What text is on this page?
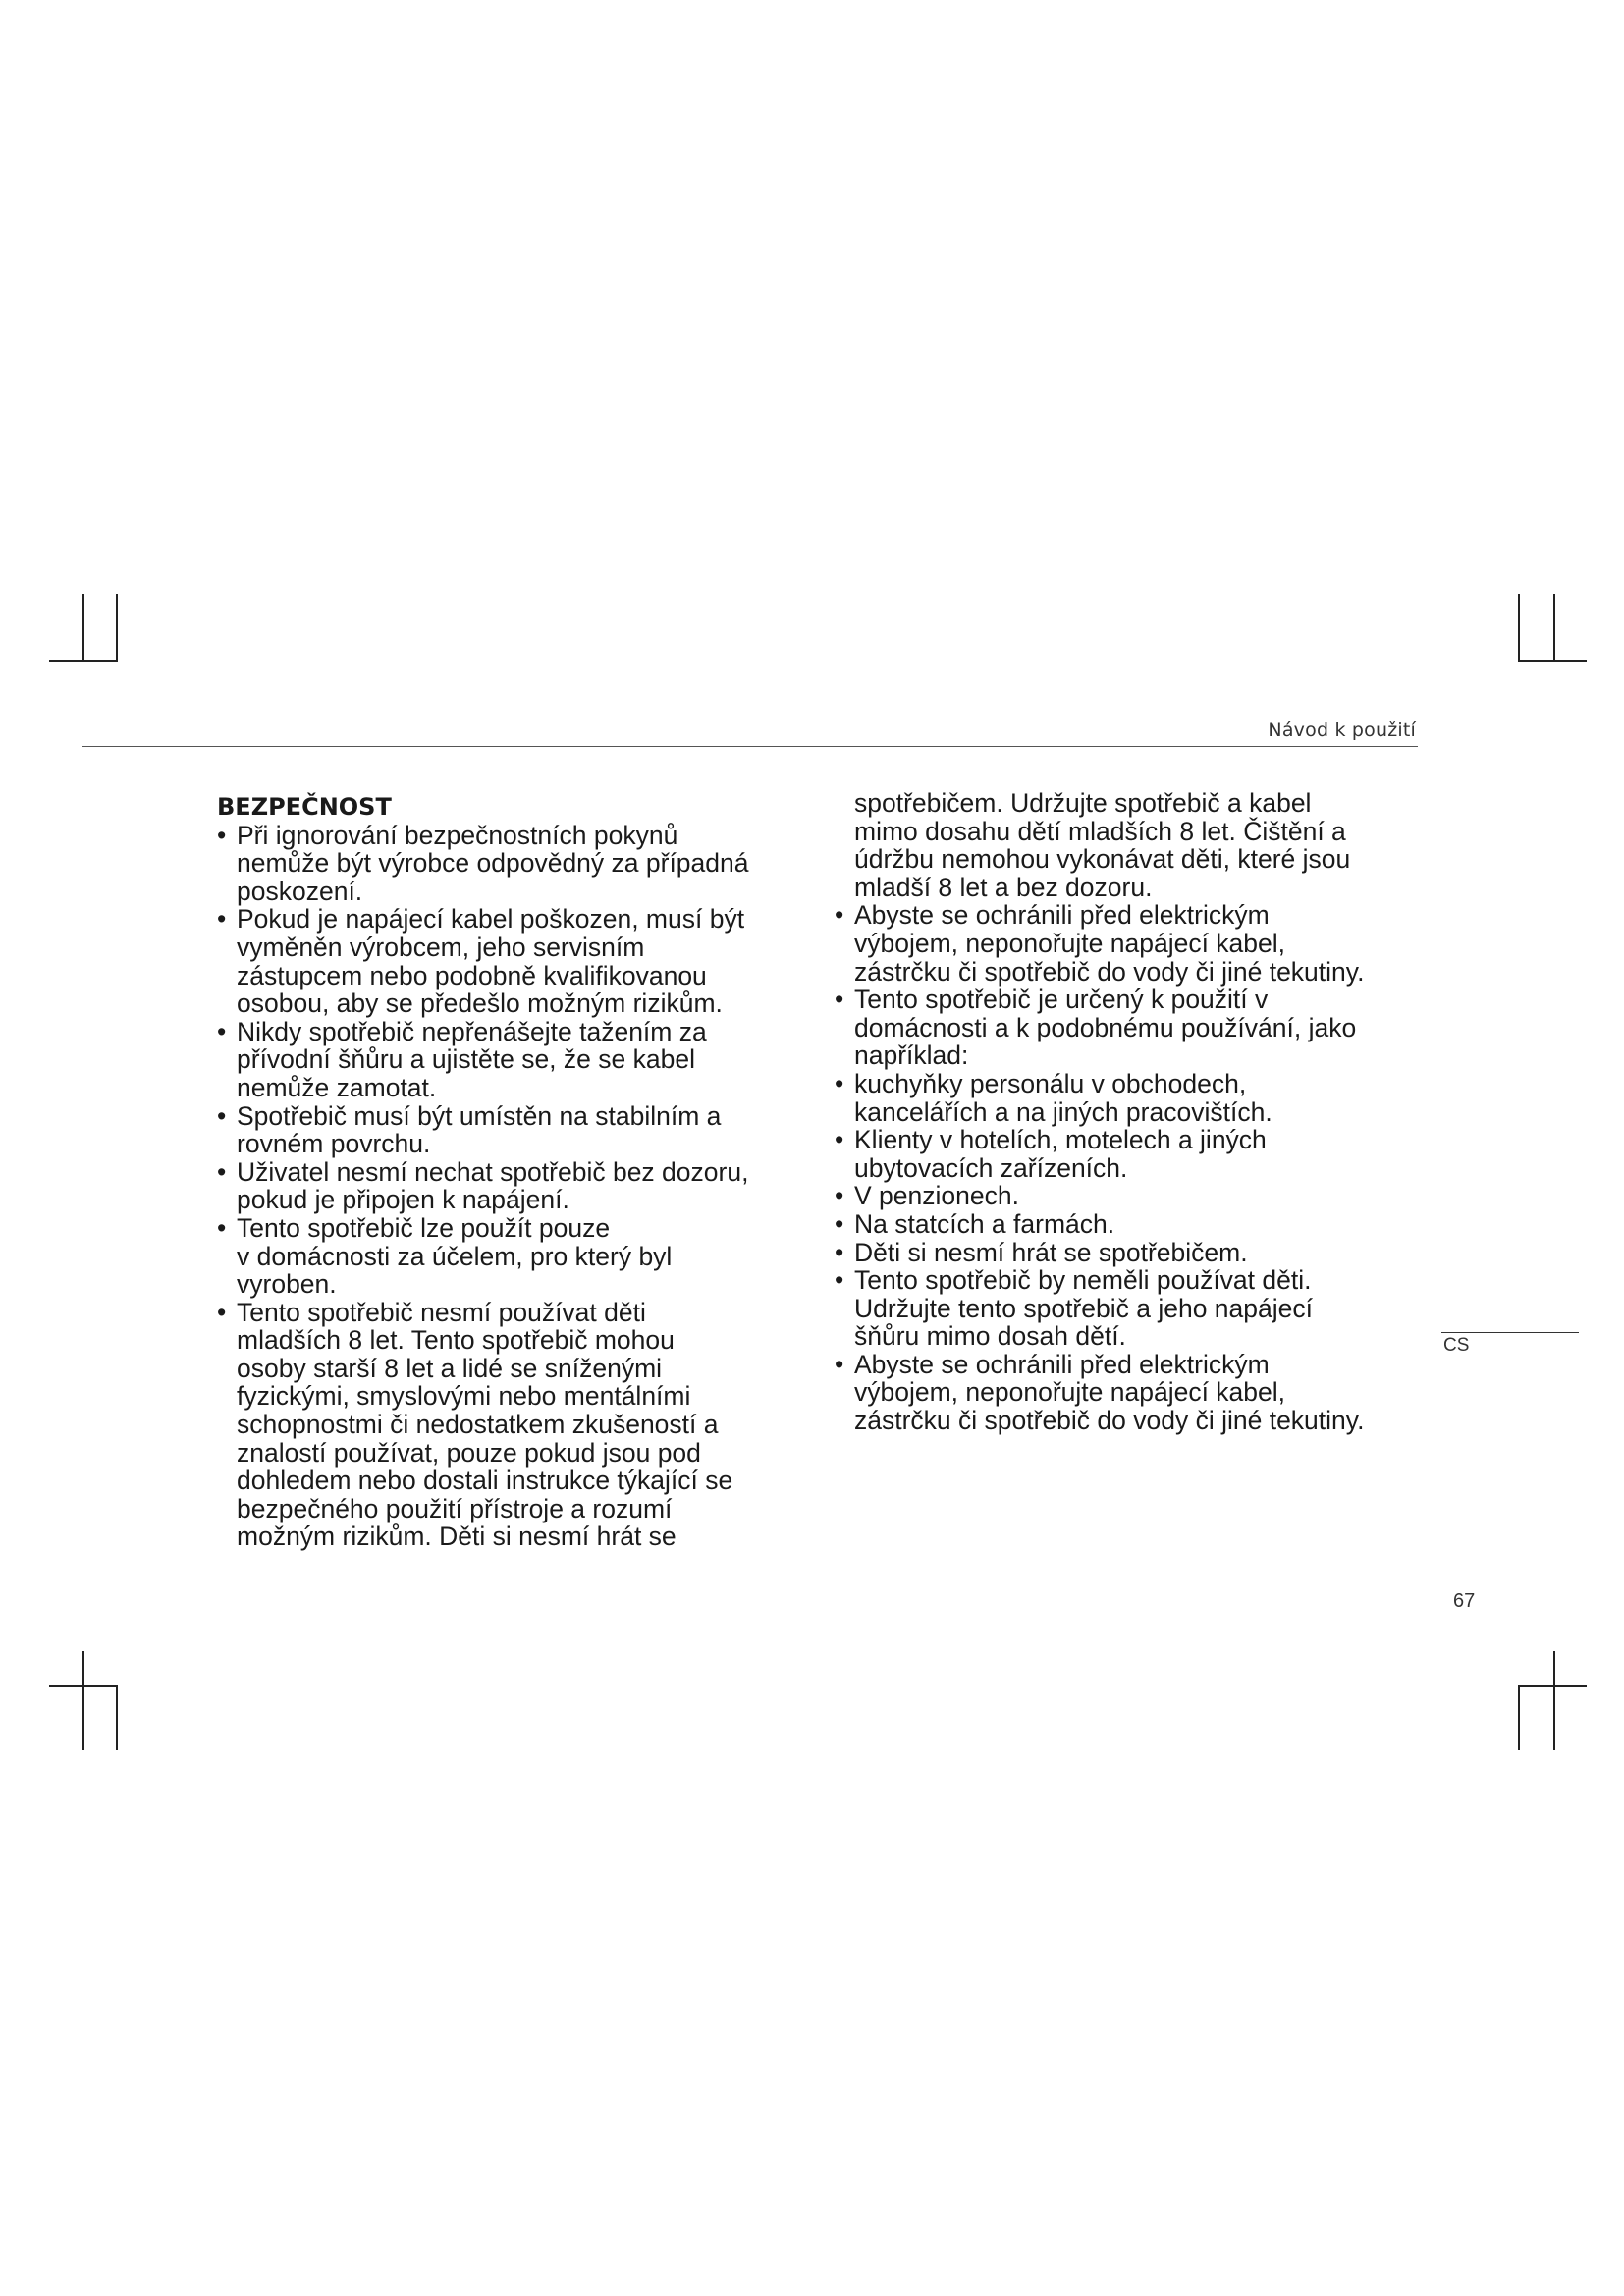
Návod k použití
BEZPEČNOST
• Při ignorování bezpečnostních pokynů
nemůže být výrobce odpovědný za případná
poskození.
• Pokud je napájecí kabel poškozen, musí být
vyměněn výrobcem, jeho servisním
zástupcem nebo podobně kvalifikovanou
osobou, aby se předešlo možným rizikům.
• Nikdy spotřebič nepřenášejte tažením za
přívodní šňůru a ujistěte se, že se kabel
nemůže zamotat.
• Spotřebič musí být umístěn na stabilním a
rovném povrchu.
• Uživatel nesmí nechat spotřebič bez dozoru,
pokud je připojen k napájení.
• Tento spotřebič lze použít pouze
v domácnosti za účelem, pro který byl
vyroben.
• Tento spotřebič nesmí používat děti
mladších 8 let. Tento spotřebič mohou
osoby starší 8 let a lidé se sníženými
fyzickými, smyslovými nebo mentálními
schopnostmi či nedostatkem zkušeností a
znalostí používat, pouze pokud jsou pod
dohledem nebo dostali instrukce týkající se
bezpečného použití přístroje a rozumí
možným rizikům. Děti si nesmí hrát se
spotřebičem. Udržujte spotřebič a kabel
mimo dosahu dětí mladších 8 let. Čištění a
údržbu nemohou vykonávat děti, které jsou
mladší 8 let a bez dozoru.
• Abyste se ochránili před elektrickým
výbojem, neponořujte napájecí kabel,
zástrčku či spotřebič do vody či jiné tekutiny.
• Tento spotřebič je určený k použití v
domácnosti a k podobnému používání, jako
například:
• kuchyňky personálu v obchodech,
kancelářích a na jiných pracovištích.
• Klienty v hotelích, motelech a jiných
ubytovacích zařízeních.
• V penzionech.
• Na statcích a farmách.
• Děti si nesmí hrát se spotřebičem.
• Tento spotřebič by neměli používat děti.
Udržujte tento spotřebič a jeho napájecí
šňůru mimo dosah dětí.
• Abyste se ochránili před elektrickým
výbojem, neponořujte napájecí kabel,
zástrčku či spotřebič do vody či jiné tekutiny.
CS
67
